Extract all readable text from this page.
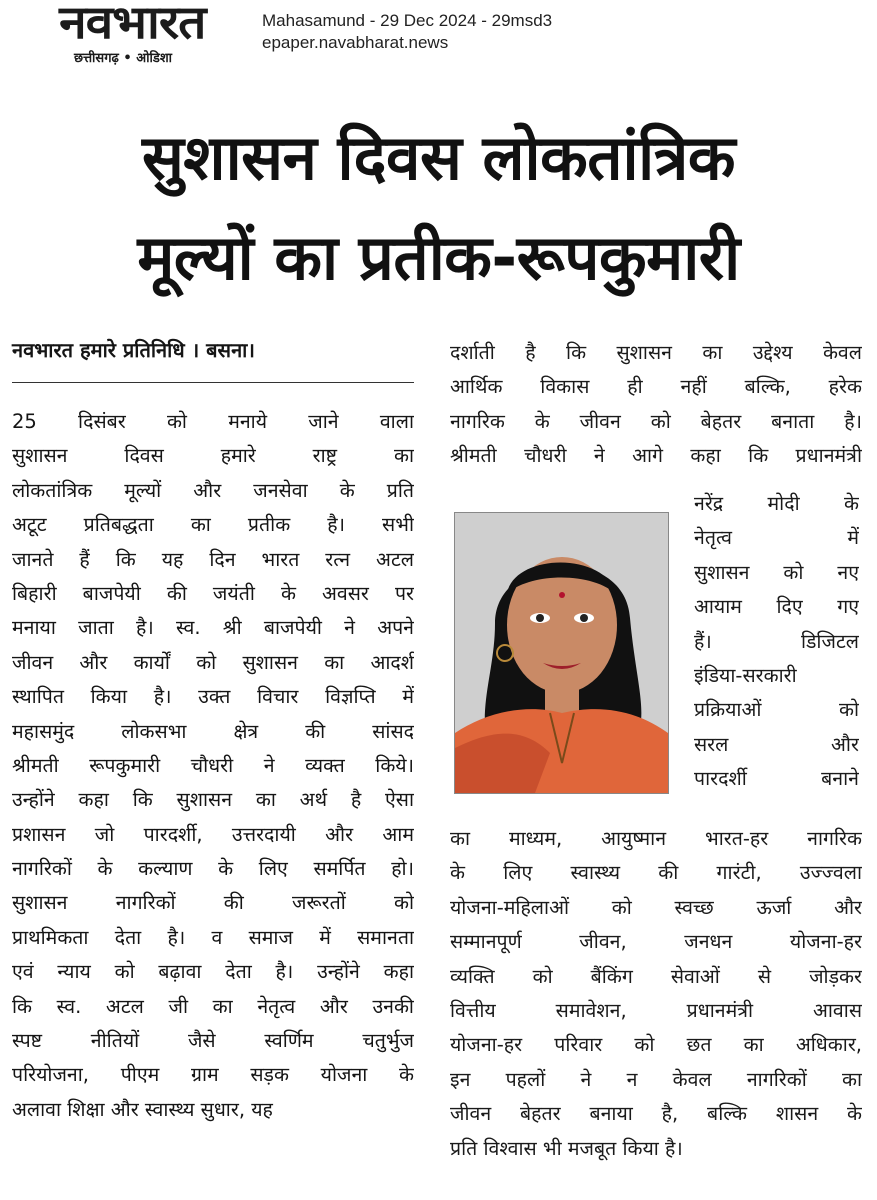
नवभारत
छत्तीसगढ़ • ओडिशा
Mahasamund - 29 Dec 2024 - 29msd3
epaper.navabharat.news
सुशासन दिवस लोकतांत्रिक
मूल्यों का प्रतीक-रूपकुमारी
नवभारत हमारे प्रतिनिधि । बसना।
25 दिसंबर को मनाये जाने वाला
सुशासन दिवस हमारे राष्ट्र का
लोकतांत्रिक मूल्यों और जनसेवा के प्रति
अटूट प्रतिबद्धता का प्रतीक है। सभी
जानते हैं कि यह दिन भारत रत्न अटल
बिहारी बाजपेयी की जयंती के अवसर पर
मनाया जाता है। स्व. श्री बाजपेयी ने अपने
जीवन और कार्यों को सुशासन का आदर्श
स्थापित किया है। उक्त विचार विज्ञप्ति में
महासमुंद लोकसभा क्षेत्र की सांसद
श्रीमती रूपकुमारी चौधरी ने व्यक्त किये।
उन्होंने कहा कि सुशासन का अर्थ है ऐसा
प्रशासन जो पारदर्शी, उत्तरदायी और आम
नागरिकों के कल्याण के लिए समर्पित हो।
सुशासन नागरिकों की जरूरतों को
प्राथमिकता देता है। व समाज में समानता
एवं न्याय को बढ़ावा देता है। उन्होंने कहा
कि स्व. अटल जी का नेतृत्व और उनकी
स्पष्ट नीतियों जैसे स्वर्णिम चतुर्भुज
परियोजना, पीएम ग्राम सड़क योजना के
अलावा शिक्षा और स्वास्थ्य सुधार, यह
दर्शाती है कि सुशासन का उद्देश्य केवल
आर्थिक विकास ही नहीं बल्कि, हरेक
नागरिक के जीवन को बेहतर बनाता है।
श्रीमती चौधरी ने आगे कहा कि प्रधानमंत्री
नरेंद्र मोदी के
नेतृत्व में
सुशासन को नए
आयाम दिए गए
हैं। डिजिटल
इंडिया-सरकारी
प्रक्रियाओं को
सरल और
पारदर्शी बनाने
का माध्यम, आयुष्मान भारत-हर नागरिक
के लिए स्वास्थ्य की गारंटी, उज्ज्वला
योजना-महिलाओं को स्वच्छ ऊर्जा और
सम्मानपूर्ण जीवन, जनधन योजना-हर
व्यक्ति को बैंकिंग सेवाओं से जोड़कर
वित्तीय समावेशन, प्रधानमंत्री आवास
योजना-हर परिवार को छत का अधिकार,
इन पहलों ने न केवल नागरिकों का
जीवन बेहतर बनाया है, बल्कि शासन के
प्रति विश्वास भी मजबूत किया है।
